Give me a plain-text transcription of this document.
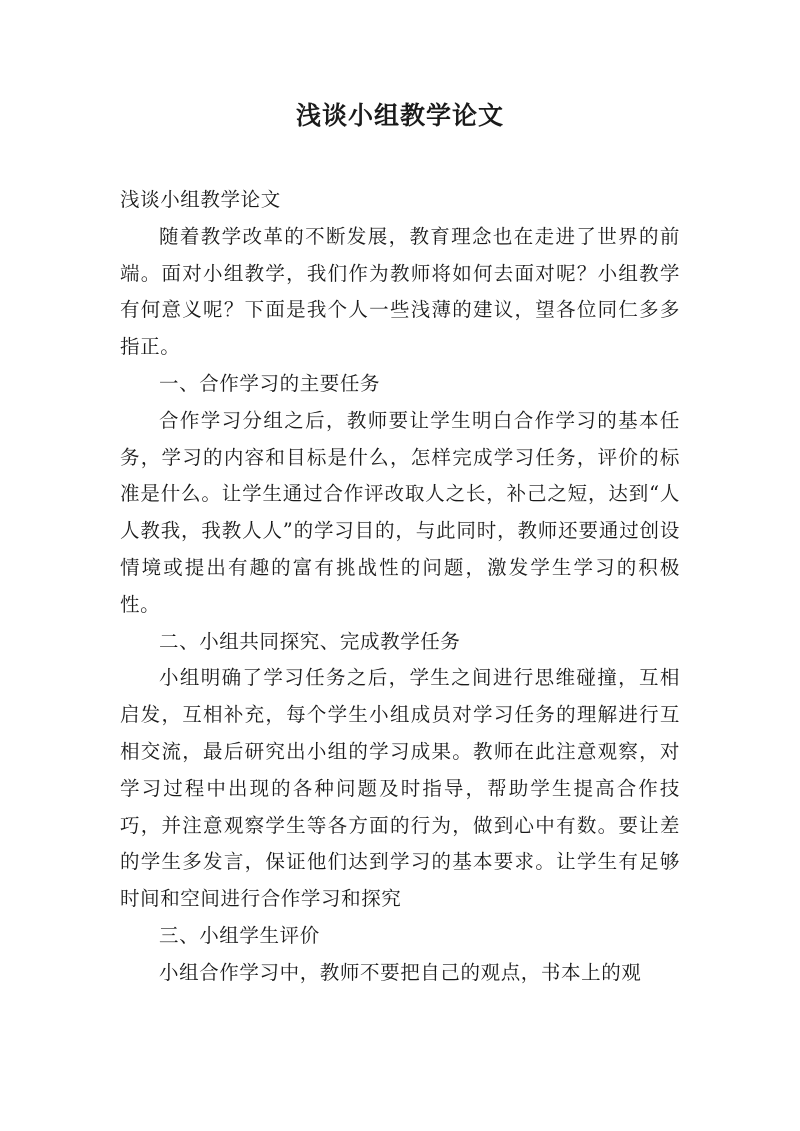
浅谈小组教学论文

浅谈小组教学论文

随着教学改革的不断发展，教育理念也在走进了世界的前端。面对小组教学，我们作为教师将如何去面对呢？小组教学有何意义呢？下面是我个人一些浅薄的建议，望各位同仁多多指正。

一、合作学习的主要任务

合作学习分组之后，教师要让学生明白合作学习的基本任务，学习的内容和目标是什么，怎样完成学习任务，评价的标准是什么。让学生通过合作评改取人之长，补己之短，达到“人人教我，我教人人”的学习目的，与此同时，教师还要通过创设情境或提出有趣的富有挑战性的问题，激发学生学习的积极性。

二、小组共同探究、完成教学任务

小组明确了学习任务之后，学生之间进行思维碰撞，互相启发，互相补充，每个学生小组成员对学习任务的理解进行互相交流，最后研究出小组的学习成果。教师在此注意观察，对学习过程中出现的各种问题及时指导，帮助学生提高合作技巧，并注意观察学生等各方面的行为，做到心中有数。要让差的学生多发言，保证他们达到学习的基本要求。让学生有足够时间和空间进行合作学习和探究

三、小组学生评价

小组合作学习中，教师不要把自己的观点，书本上的观
